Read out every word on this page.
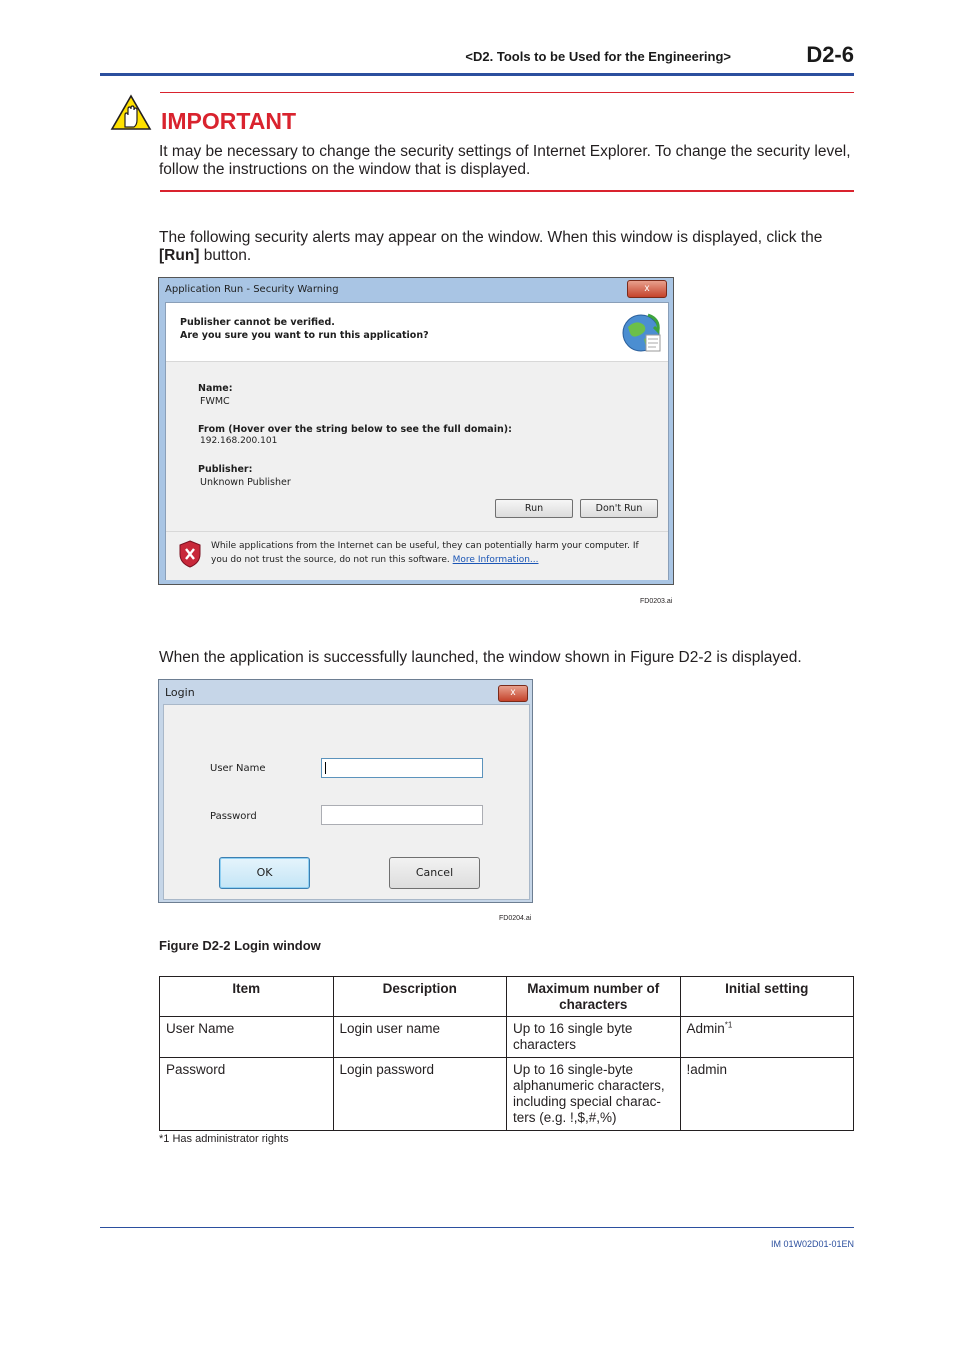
<D2. Tools to be Used for the Engineering>	D2-6
IMPORTANT
It may be necessary to change the security settings of Internet Explorer. To change the security level, follow the instructions on the window that is displayed.
The following security alerts may appear on the window. When this window is displayed, click the [Run] button.
Application Run - Security Warning	x
Publisher cannot be verified.
Are you sure you want to run this application?
Name:
FWMC
From (Hover over the string below to see the full domain):
192.168.200.101
Publisher:
Unknown Publisher
Run	Don't Run
While applications from the Internet can be useful, they can potentially harm your computer. If
you do not trust the source, do not run this software. More Information...
FD0203.ai
When the application is successfully launched, the window shown in Figure D2-2 is displayed.
Login	x
User Name
Password
OK	Cancel
FD0204.ai
Figure D2-2 Login window
Item	Description	Maximum number of characters	Initial setting
User Name	Login user name	Up to 16 single byte characters	Admin$^{*1}$
Password	Login password	Up to 16 single-byte alphanumeric characters, including special charac-ters (e.g. !,$,#,%)	!admin
*1 Has administrator rights
IM 01W02D01-01EN
